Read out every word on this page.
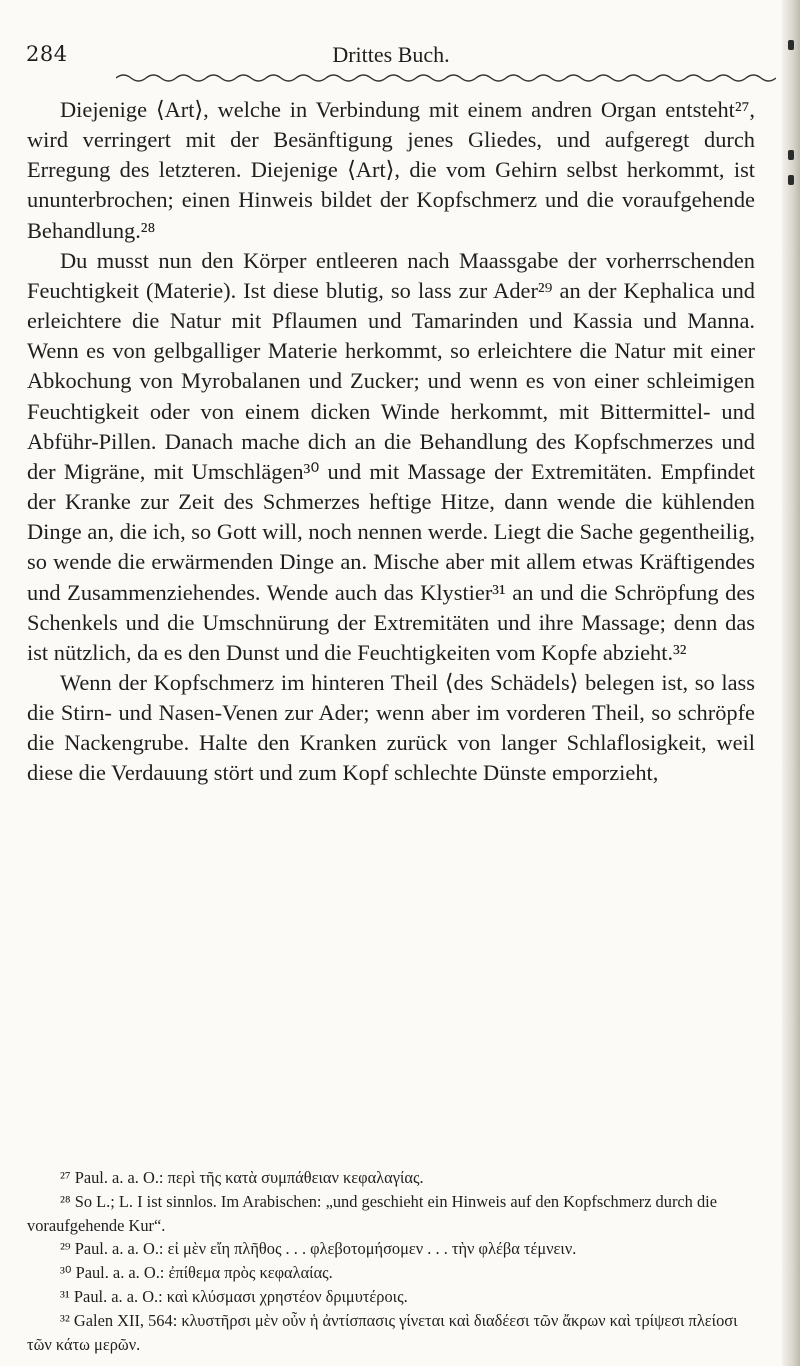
284	Drittes Buch.

Diejenige ⟨Art⟩, welche in Verbindung mit einem andren Organ entsteht²⁷, wird verringert mit der Besänftigung jenes Gliedes, und aufgeregt durch Erregung des letzteren. Diejenige ⟨Art⟩, die vom Gehirn selbst herkommt, ist ununterbrochen; einen Hinweis bildet der Kopfschmerz und die voraufgehende Behandlung.²⁸

Du musst nun den Körper entleeren nach Maassgabe der vorherrschenden Feuchtigkeit (Materie). Ist diese blutig, so lass zur Ader²⁹ an der Kephalica und erleichtere die Natur mit Pflaumen und Tamarinden und Kassia und Manna. Wenn es von gelbgalliger Materie herkommt, so erleichtere die Natur mit einer Abkochung von Myrobalanen und Zucker; und wenn es von einer schleimigen Feuchtigkeit oder von einem dicken Winde herkommt, mit Bittermittel- und Abführ-Pillen. Danach mache dich an die Behandlung des Kopfschmerzes und der Migräne, mit Umschlägen³⁰ und mit Massage der Extremitäten. Empfindet der Kranke zur Zeit des Schmerzes heftige Hitze, dann wende die kühlenden Dinge an, die ich, so Gott will, noch nennen werde. Liegt die Sache gegentheilig, so wende die erwärmenden Dinge an. Mische aber mit allem etwas Kräftigendes und Zusammenziehendes. Wende auch das Klystier³¹ an und die Schröpfung des Schenkels und die Umschnürung der Extremitäten und ihre Massage; denn das ist nützlich, da es den Dunst und die Feuchtigkeiten vom Kopfe abzieht.³²

Wenn der Kopfschmerz im hinteren Theil ⟨des Schädels⟩ belegen ist, so lass die Stirn- und Nasen-Venen zur Ader; wenn aber im vorderen Theil, so schröpfe die Nackengrube. Halte den Kranken zurück von langer Schlaflosigkeit, weil diese die Verdauung stört und zum Kopf schlechte Dünste emporzieht,

²⁷ Paul. a. a. O.: περὶ τῆς κατὰ συμπάθειαν κεφαλαγίας.

²⁸ So L.; L. I ist sinnlos. Im Arabischen: „und geschieht ein Hinweis auf den Kopfschmerz durch die voraufgehende Kur“.

²⁹ Paul. a. a. O.: εἰ μὲν εἴη πλῆθος . . . φλεβοτομήσομεν . . . τὴν φλέβα τέμνειν.

³⁰ Paul. a. a. O.: ἐπίθεμα πρὸς κεφαλαίας.

³¹ Paul. a. a. O.: καὶ κλύσμασι χρηστέον δριμυτέροις.

³² Galen XII, 564: κλυστῆρσι μὲν οὖν ἡ ἀντίσπασις γίνεται καὶ διαδέεσι τῶν ἄκρων καὶ τρίψεσι πλείοσι τῶν κάτω μερῶν.
